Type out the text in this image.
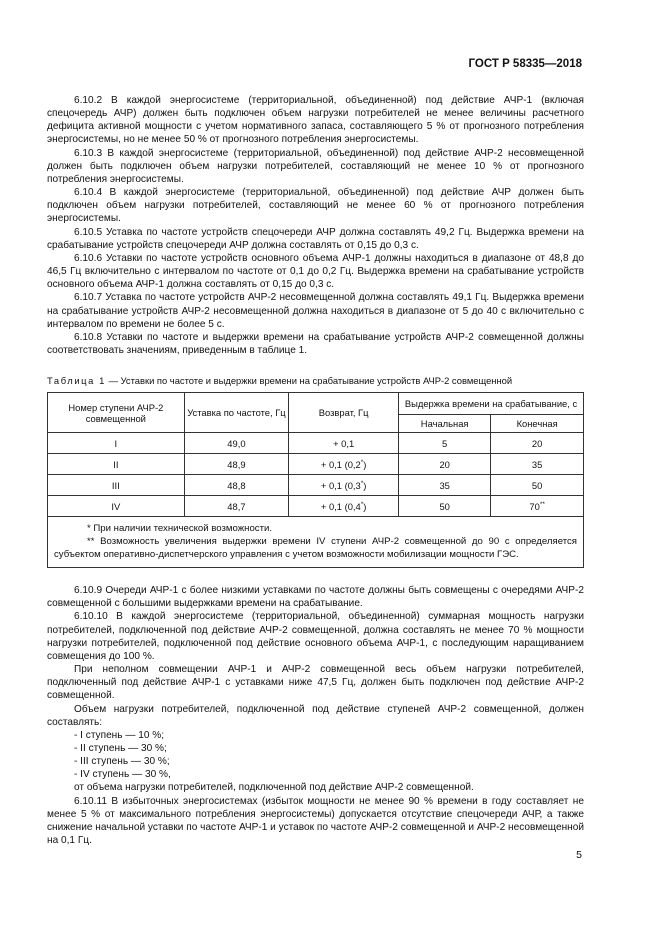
ГОСТ Р 58335—2018

6.10.2 В каждой энергосистеме (территориальной, объединенной) под действие АЧР-1 (включая спецочередь АЧР) должен быть подключен объем нагрузки потребителей не менее величины расчетного дефицита активной мощности с учетом нормативного запаса, составляющего 5 % от прогнозного потребления энергосистемы, но не менее 50 % от прогнозного потребления энергосистемы.

6.10.3 В каждой энергосистеме (территориальной, объединенной) под действие АЧР-2 несовмещенной должен быть подключен объем нагрузки потребителей, составляющий не менее 10 % от прогнозного потребления энергосистемы.

6.10.4 В каждой энергосистеме (территориальной, объединенной) под действие АЧР должен быть подключен объем нагрузки потребителей, составляющий не менее 60 % от прогнозного потребления энергосистемы.

6.10.5 Уставка по частоте устройств спецочереди АЧР должна составлять 49,2 Гц. Выдержка времени на срабатывание устройств спецочереди АЧР должна составлять от 0,15 до 0,3 с.

6.10.6 Уставки по частоте устройств основного объема АЧР-1 должны находиться в диапазоне от 48,8 до 46,5 Гц включительно с интервалом по частоте от 0,1 до 0,2 Гц. Выдержка времени на срабатывание устройств основного объема АЧР-1 должна составлять от 0,15 до 0,3 с.

6.10.7 Уставка по частоте устройств АЧР-2 несовмещенной должна составлять 49,1 Гц. Выдержка времени на срабатывание устройств АЧР-2 несовмещенной должна находиться в диапазоне от 5 до 40 с включительно с интервалом по времени не более 5 с.

6.10.8 Уставки по частоте и выдержки времени на срабатывание устройств АЧР-2 совмещенной должны соответствовать значениям, приведенным в таблице 1.

Таблица 1 — Уставки по частоте и выдержки времени на срабатывание устройств АЧР-2 совмещенной
Номер ступени АЧР-2 совмещенной	Уставка по частоте, Гц	Возврат, Гц	Выдержка времени на срабатывание, с	
			Начальная	Конечная
I	49,0	+ 0,1	5	20
II	48,9	+ 0,1 (0,2*)	20	35
III	48,8	+ 0,1 (0,3*)	35	50
IV	48,7	+ 0,1 (0,4*)	50	70**

* При наличии технической возможности.

** Возможность увеличения выдержки времени IV ступени АЧР-2 совмещенной до 90 с определяется субъектом оперативно-диспетчерского управления с учетом возможности мобилизации мощности ГЭС.				

6.10.9 Очереди АЧР-1 с более низкими уставками по частоте должны быть совмещены с очередями АЧР-2 совмещенной с большими выдержками времени на срабатывание.

6.10.10 В каждой энергосистеме (территориальной, объединенной) суммарная мощность нагрузки потребителей, подключенной под действие АЧР-2 совмещенной, должна составлять не менее 70 % мощности нагрузки потребителей, подключенной под действие основного объема АЧР-1, с последующим наращиванием совмещения до 100 %.

При неполном совмещении АЧР-1 и АЧР-2 совмещенной весь объем нагрузки потребителей, подключенный под действие АЧР-1 с уставками ниже 47,5 Гц, должен быть подключен под действие АЧР-2 совмещенной.

Объем нагрузки потребителей, подключенной под действие ступеней АЧР-2 совмещенной, должен составлять:

- I ступень — 10 %;

- II ступень — 30 %;

- III ступень — 30 %;

- IV ступень — 30 %,

от объема нагрузки потребителей, подключенной под действие АЧР-2 совмещенной.

6.10.11 В избыточных энергосистемах (избыток мощности не менее 90 % времени в году составляет не менее 5 % от максимального потребления энергосистемы) допускается отсутствие спецочереди АЧР, а также снижение начальной уставки по частоте АЧР-1 и уставок по частоте АЧР-2 совмещенной и АЧР-2 несовмещенной на 0,1 Гц.

5
